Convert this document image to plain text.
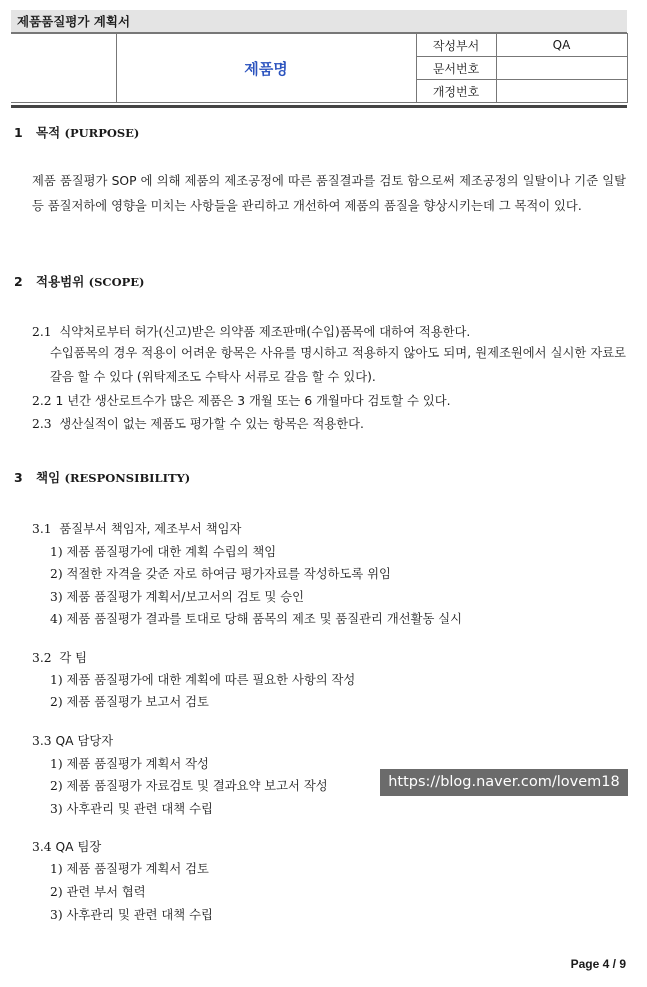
제품품질평가 계획서
	제품명	작성부서	QA
		문서번호	
		개정번호	
1 목적 (PURPOSE)
제품 품질평가 SOP 에 의해 제품의 제조공정에 따른 품질결과를 검토 함으로써 제조공정의 일탈이나 기준 일탈등 품질저하에 영향을 미치는 사항들을 관리하고 개선하여 제품의 품질을 향상시키는데 그 목적이 있다.
2 적용범위 (SCOPE)
2.1 식약처로부터 허가(신고)받은 의약품 제조판매(수입)품목에 대하여 적용한다.
수입품목의 경우 적용이 어려운 항목은 사유를 명시하고 적용하지 않아도 되며, 원제조원에서 실시한 자료로 갈음 할 수 있다 (위탁제조도 수탁사 서류로 갈음 할 수 있다).
2.2 1 년간 생산로트수가 많은 제품은 3 개월 또는 6 개월마다 검토할 수 있다.
2.3 생산실적이 없는 제품도 평가할 수 있는 항목은 적용한다.
3 책임 (RESPONSIBILITY)
3.1 품질부서 책임자, 제조부서 책임자
1) 제품 품질평가에 대한 계획 수립의 책임
2) 적절한 자격을 갖준 자로 하여금 평가자료를 작성하도록 위임
3) 제품 품질평가 계획서/보고서의 검토 및 승인
4) 제품 품질평가 결과를 토대로 당해 품목의 제조 및 품질관리 개선활동 실시
3.2 각 팀
1) 제품 품질평가에 대한 계획에 따른 필요한 사항의 작성
2) 제품 품질평가 보고서 검토
3.3 QA 담당자
1) 제품 품질평가 계획서 작성
2) 제품 품질평가 자료검토 및 결과요약 보고서 작성
3) 사후관리 및 관련 대책 수립
3.4 QA 팀장
1) 제품 품질평가 계획서 검토
2) 관련 부서 협력
3) 사후관리 및 관련 대책 수립
https://blog.naver.com/lovem18
Page 4 / 9
